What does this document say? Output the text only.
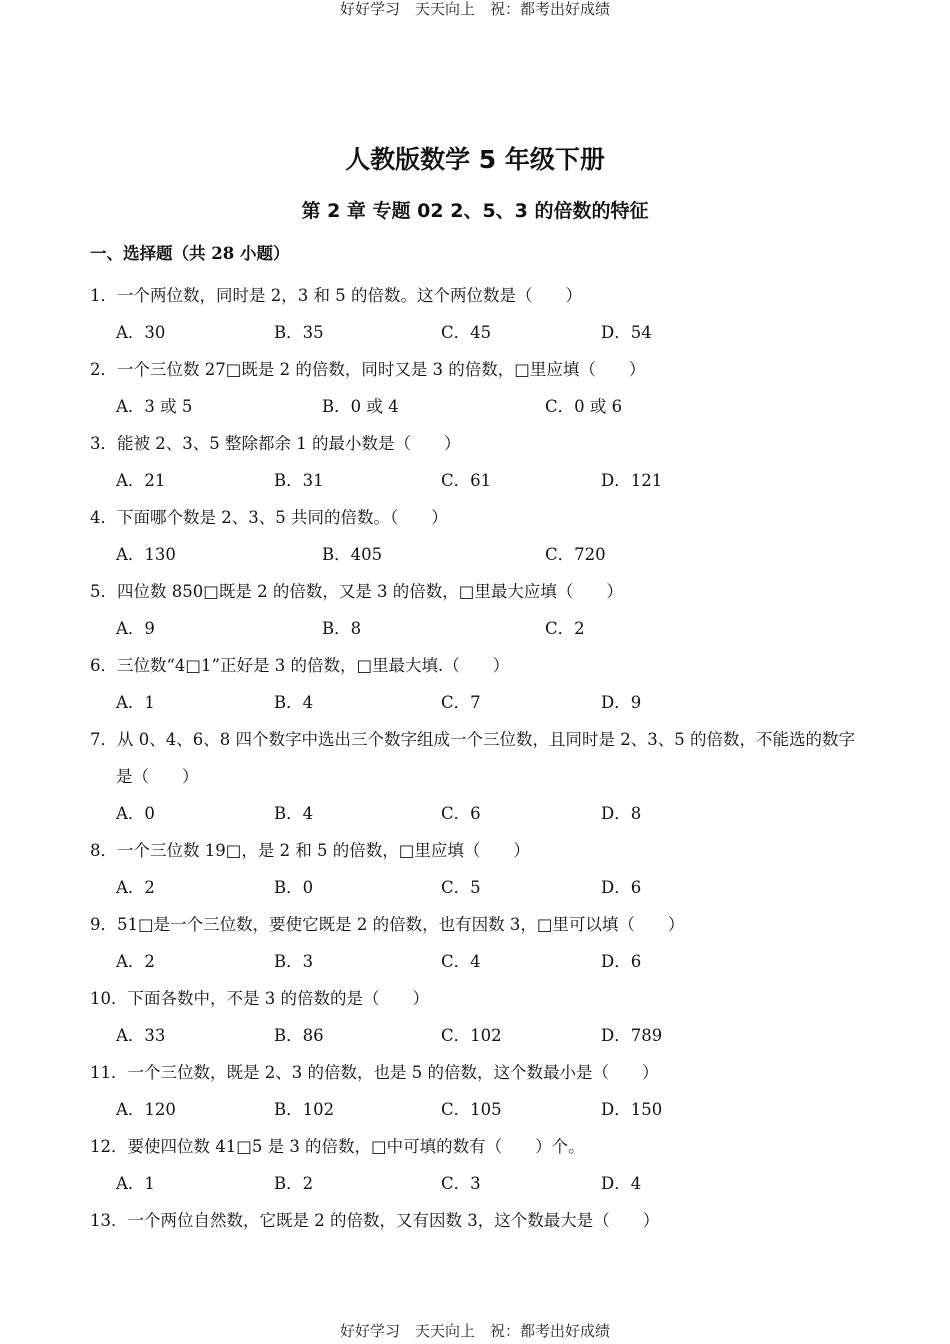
好好学习　天天向上　祝：都考出好成绩
人教版数学 5 年级下册
第 2 章 专题 02 2、5、3 的倍数的特征
一、选择题（共 28 小题）
1．一个两位数，同时是 2，3 和 5 的倍数。这个两位数是（　　）
A．30	B．35	C．45	D．54
2．一个三位数 27□既是 2 的倍数，同时又是 3 的倍数，□里应填（　　）
A．3 或 5	B．0 或 4	C．0 或 6
3．能被 2、3、5 整除都余 1 的最小数是（　　）
A．21	B．31	C．61	D．121
4．下面哪个数是 2、3、5 共同的倍数。（　　）
A．130	B．405	C．720
5．四位数 850□既是 2 的倍数，又是 3 的倍数，□里最大应填（　　）
A．9	B．8	C．2
6．三位数“4□1”正好是 3 的倍数，□里最大填.（　　）
A．1	B．4	C．7	D．9
7．从 0、4、6、8 四个数字中选出三个数字组成一个三位数，且同时是 2、3、5 的倍数，不能选的数字是（　　）
A．0	B．4	C．6	D．8
8．一个三位数 19□，是 2 和 5 的倍数，□里应填（　　）
A．2	B．0	C．5	D．6
9．51□是一个三位数，要使它既是 2 的倍数，也有因数 3，□里可以填（　　）
A．2	B．3	C．4	D．6
10．下面各数中，不是 3 的倍数的是（　　）
A．33	B．86	C．102	D．789
11．一个三位数，既是 2、3 的倍数，也是 5 的倍数，这个数最小是（　　）
A．120	B．102	C．105	D．150
12．要使四位数 41□5 是 3 的倍数，□中可填的数有（　　）个。
A．1	B．2	C．3	D．4
13．一个两位自然数，它既是 2 的倍数，又有因数 3，这个数最大是（　　）
好好学习　天天向上　祝：都考出好成绩
